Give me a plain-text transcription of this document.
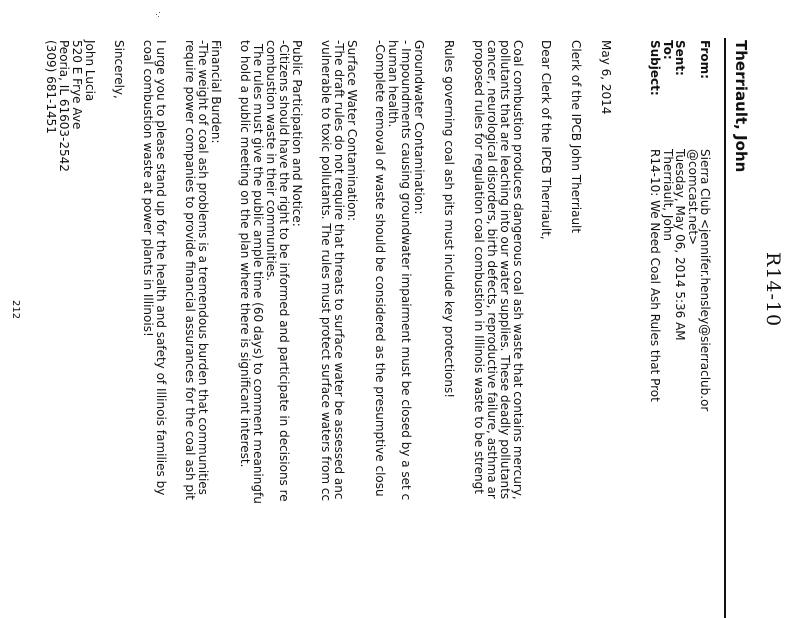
R14-10

Therriault, John

From:

Sierra Club <jennifer.hensley@sierraclub.or

@comcast.net>

Sent:

Tuesday, May 06, 2014 5:36 AM

To:

Therriault, John

Subject:

R14-10: We Need Coal Ash Rules that Prot

May 6, 2014

Clerk of the IPCB John Therriault

Dear Clerk of the IPCB Therriault,

Coal combustion produces dangerous coal ash waste that contains mercury,

pollutants that are leaching into our water supplies. These deadly pollutants

cancer, neurological disorders, birth defects, reproductive failure, asthma ar

proposed rules for regulation coal combustion in Illinois waste to be strengt

Rules governing coal ash pits must include key protections!

Groundwater Contamination:

- Impoundments causing groundwater impairment must be closed by a set c

human health.

-Complete removal of waste should be considered as the presumptive closu

Surface Water Contamination:

-The draft rules do not require that threats to surface water be assessed anc

vulnerable to toxic pollutants. The rules must protect surface waters from cc

Public Participation and Notice:

-Citizens should have the right to be informed and participate in decisions re

combustion waste in their communities.

The rules must give the public ample time (60 days) to comment meaningfu

to hold a public meeting on the plan where there is significant interest.

Financial Burden:

-The weight of coal ash problems is a tremendous burden that communities

require power companies to provide financial assurances for the coal ash pit

I urge you to please stand up for the health and safety of Illinois families by

coal combustion waste at power plants in Illinois!

Sincerely,

John Lucia

520 E Frye Ave

Peoria, IL 61603-2542

(309) 681-1451

212
